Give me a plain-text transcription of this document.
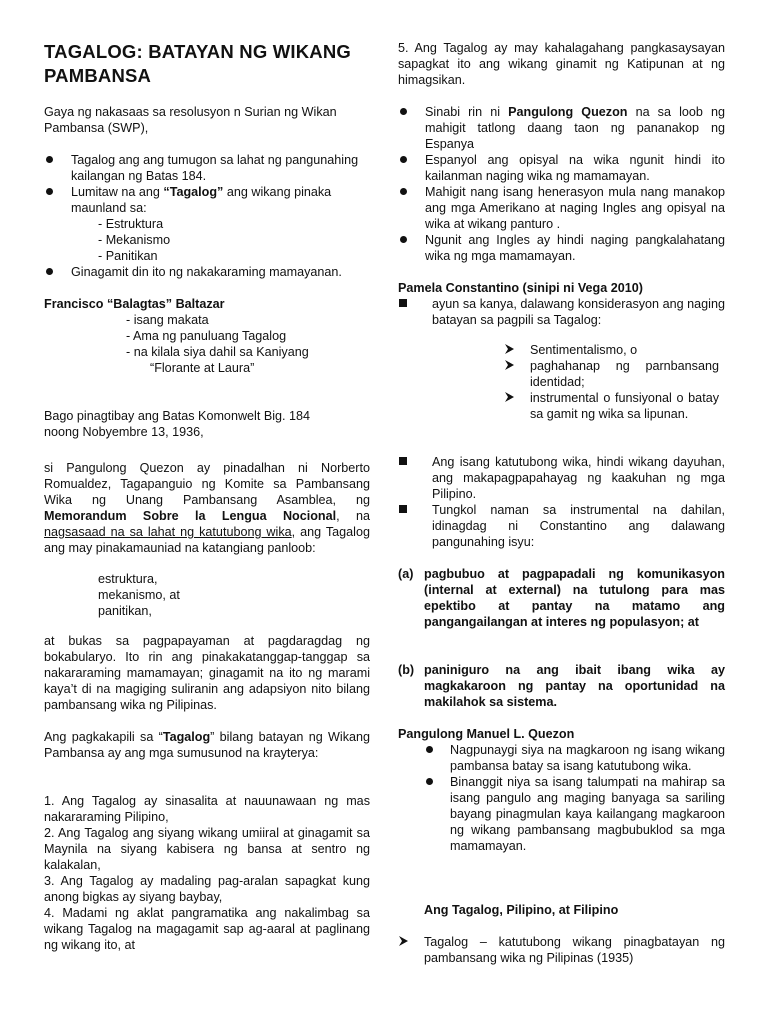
TAGALOG: BATAYAN NG WIKANG PAMBANSA
Gaya ng nakasaas sa resolusyon n Surian ng Wikan Pambansa (SWP),
Tagalog ang ang tumugon sa lahat ng pangunahing kailangan ng Batas 184.
Lumitaw na ang “Tagalog” ang wikang pinaka maunland sa:
- Estruktura
- Mekanismo
- Panitikan
Ginagamit din ito ng nakakaraming mamayanan.
Francisco “Balagtas” Baltazar
- isang makata
- Ama ng panuluang Tagalog
- na kilala siya dahil sa Kaniyang
“Florante at Laura”
Bago pinagtibay ang Batas Komonwelt Big. 184 noong Nobyembre 13, 1936,
si Pangulong Quezon ay pinadalhan ni Norberto Romualdez, Tagapanguio ng Komite sa Pambansang Wika ng Unang Pambansang Asamblea, ng Memorandum Sobre la Lengua Nocional, na nagsasaad na sa lahat ng katutubong wika, ang Tagalog ang may pinakamauniad na katangiang panloob:
estruktura,
mekanismo, at
panitikan,
at bukas sa pagpapayaman at pagdaragdag ng bokabularyo. Ito rin ang pinakakatanggap-tanggap sa nakararaming mamamayan; ginagamit na ito ng marami kaya’t di na magiging suliranin ang adapsiyon nito bilang pambansang wika ng Pilipinas.
Ang pagkakapili sa “Tagalog” bilang batayan ng Wikang Pambansa ay ang mga sumusunod na krayterya:
1. Ang Tagalog ay sinasalita at nauunawaan ng mas nakararaming Pilipino,
2. Ang Tagalog ang siyang wikang umiiral at ginagamit sa Maynila na siyang kabisera ng bansa at sentro ng kalakalan,
3. Ang Tagalog ay madaling pag-aralan sapagkat kung anong bigkas ay siyang baybay,
4. Madami ng aklat pangramatika ang nakalimbag sa wikang Tagalog na magagamit sap ag-aaral at paglinang ng wikang ito, at
5. Ang Tagalog ay may kahalagahang pangkasaysayan sapagkat ito ang wikang ginamit ng Katipunan at ng himagsikan.
Sinabi rin ni Pangulong Quezon na sa loob ng mahigit tatlong daang taon ng pananakop ng Espanya
Espanyol ang opisyal na wika ngunit hindi ito kailanman naging wika ng mamamayan.
Mahigit nang isang henerasyon mula nang manakop ang mga Amerikano at naging Ingles ang opisyal na wika at wikang panturo .
Ngunit ang Ingles ay hindi naging pangkalahatang wika ng mga mamamayan.
Pamela Constantino (sinipi ni Vega 2010)
ayun sa kanya, dalawang konsiderasyon ang naging batayan sa pagpili sa Tagalog:
Sentimentalismo, o
paghahanap ng parnbansang identidad;
instrumental o funsiyonal o batay sa gamit ng wika sa lipunan.
Ang isang katutubong wika, hindi wikang dayuhan, ang makapagpapahayag ng kaakuhan ng mga Pilipino.
Tungkol naman sa instrumental na dahilan, idinagdag ni Constantino ang dalawang pangunahing isyu:
(a) pagbubuo at pagpapadali ng komunikasyon (internal at external) na tutulong para mas epektibo at pantay na matamo ang pangangailangan at interes ng populasyon; at
(b) paniniguro na ang ibait ibang wika ay magkakaroon ng pantay na oportunidad na makilahok sa sistema.
Pangulong Manuel L. Quezon
Nagpunaygi siya na magkaroon ng isang wikang pambansa batay sa isang katutubong wika.
Binanggit niya sa isang talumpati na mahirap sa isang pangulo ang maging banyaga sa sariling bayang pinagmulan kaya kailangang magkaroon ng wikang pambansang magbubuklod sa mga mamamayan.
Ang Tagalog, Pilipino, at Filipino
Tagalog – katutubong wikang pinagbatayan ng pambansang wika ng Pilipinas (1935)
